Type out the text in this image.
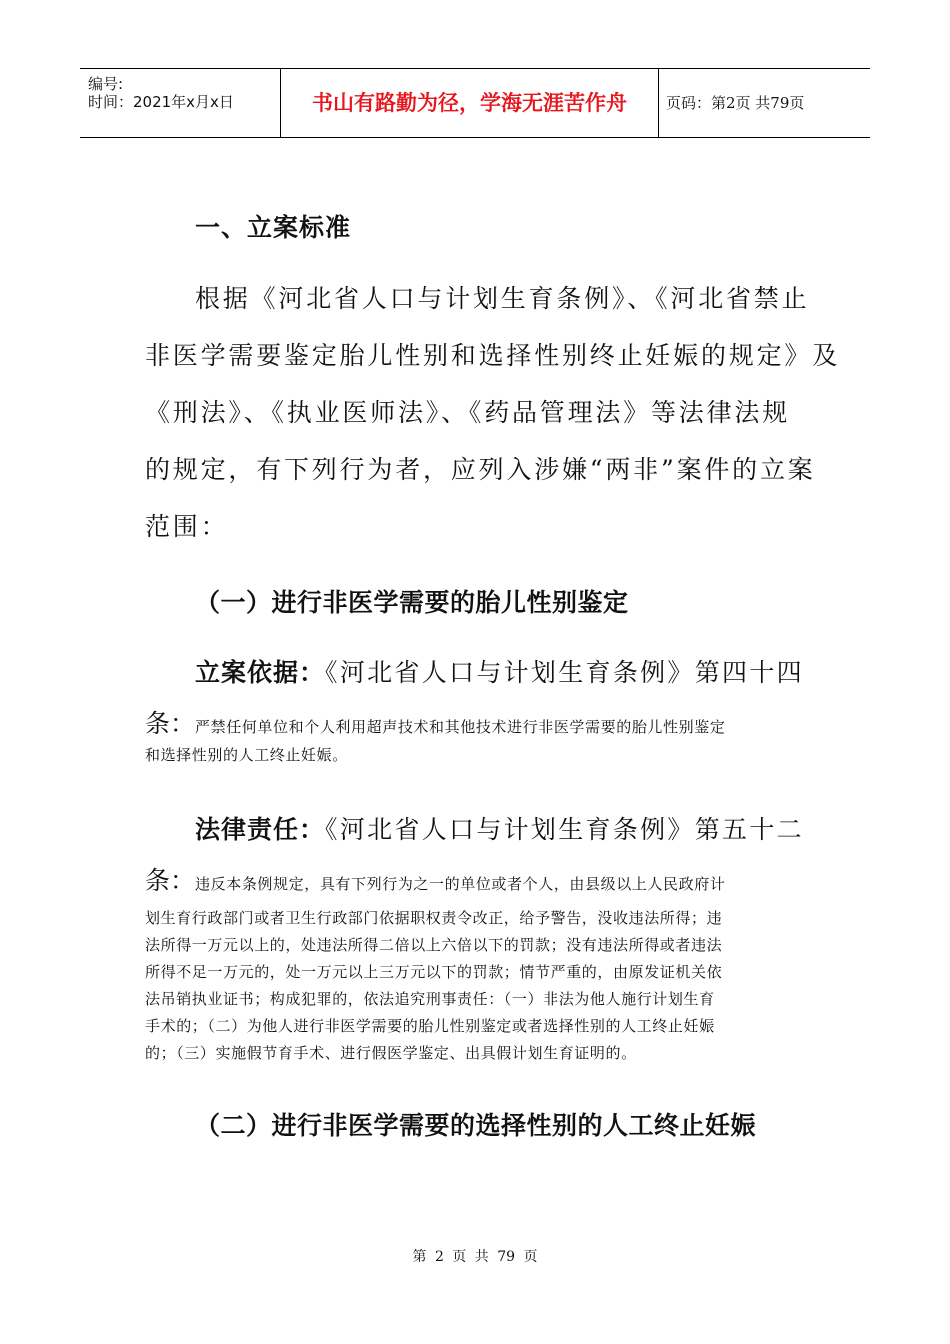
编号:
时间：2021年x月x日	书山有路勤为径，学海无涯苦作舟	页码：第2页 共79页
一、立案标准
根据《河北省人口与计划生育条例》、《河北省禁止
非医学需要鉴定胎儿性别和选择性别终止妊娠的规定》及
《刑法》、《执业医师法》、《药品管理法》等法律法规
的规定，有下列行为者，应列入涉嫌“两非”案件的立案
范围：
（一）进行非医学需要的胎儿性别鉴定
立案依据：《河北省人口与计划生育条例》第四十四
条：严禁任何单位和个人利用超声技术和其他技术进行非医学需要的胎儿性别鉴定
和选择性别的人工终止妊娠。
法律责任：《河北省人口与计划生育条例》第五十二
条：违反本条例规定，具有下列行为之一的单位或者个人，由县级以上人民政府计
划生育行政部门或者卫生行政部门依据职权责令改正，给予警告，没收违法所得；违
法所得一万元以上的，处违法所得二倍以上六倍以下的罚款；没有违法所得或者违法
所得不足一万元的，处一万元以上三万元以下的罚款；情节严重的，由原发证机关依
法吊销执业证书；构成犯罪的，依法追究刑事责任：（一）非法为他人施行计划生育
手术的；（二）为他人进行非医学需要的胎儿性别鉴定或者选择性别的人工终止妊娠
的；（三）实施假节育手术、进行假医学鉴定、出具假计划生育证明的。
（二）进行非医学需要的选择性别的人工终止妊娠
第 2 页 共 79 页
